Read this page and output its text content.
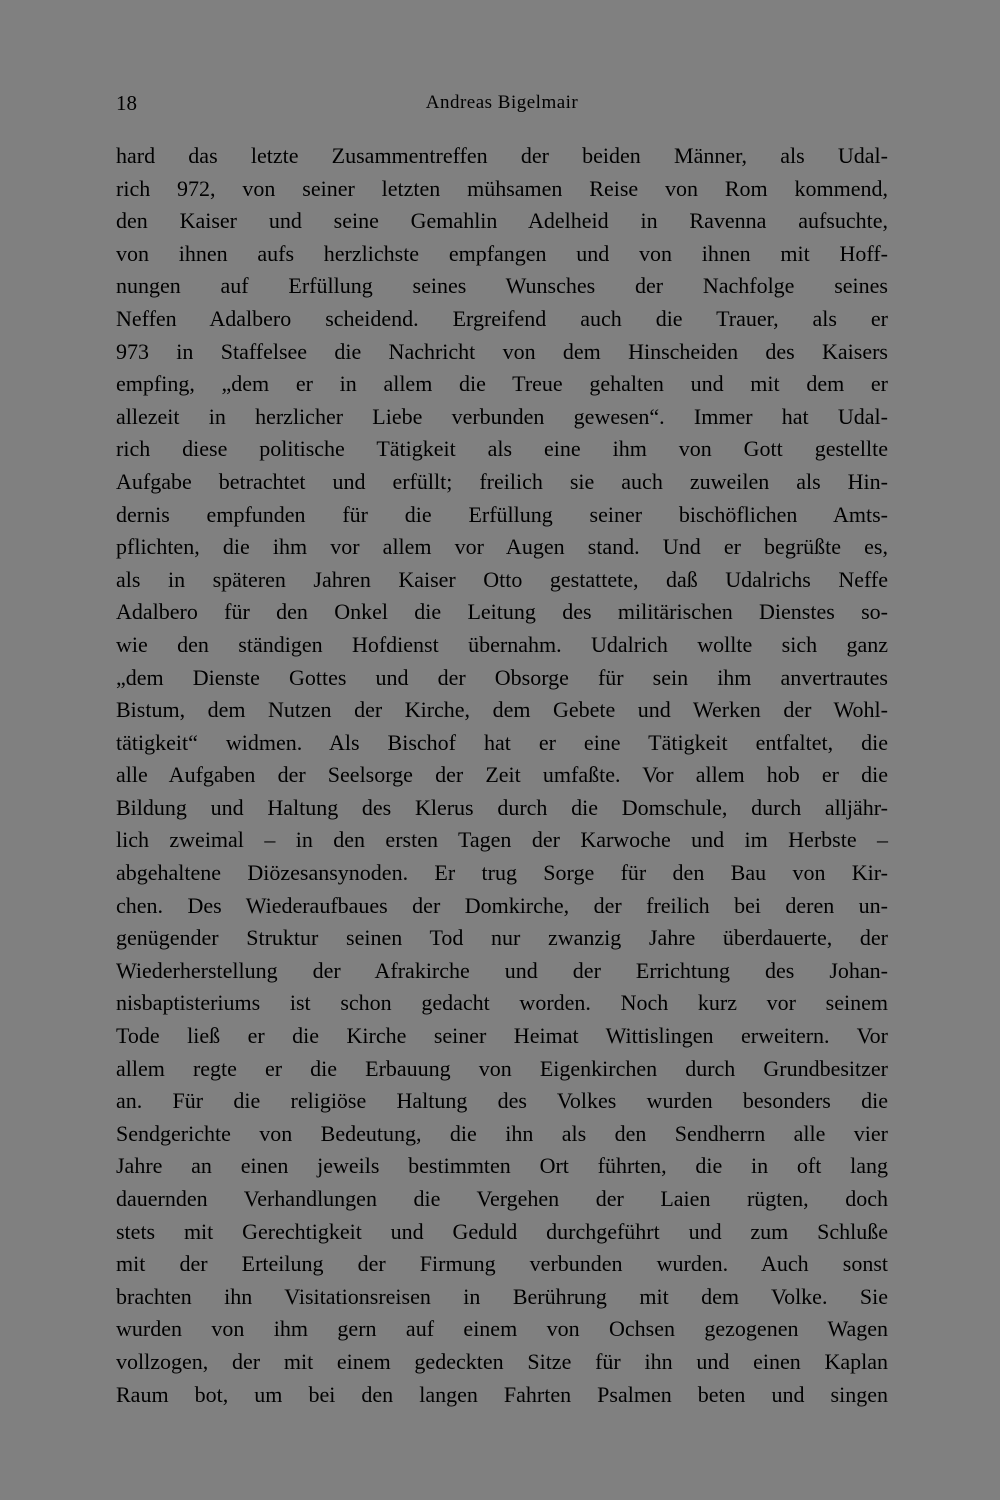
18	Andreas Bigelmair
hard das letzte Zusammentreffen der beiden Männer, als Udal-
rich 972, von seiner letzten mühsamen Reise von Rom kommend,
den Kaiser und seine Gemahlin Adelheid in Ravenna aufsuchte,
von ihnen aufs herzlichste empfangen und von ihnen mit Hoff-
nungen auf Erfüllung seines Wunsches der Nachfolge seines
Neffen Adalbero scheidend. Ergreifend auch die Trauer, als er
973 in Staffelsee die Nachricht von dem Hinscheiden des Kaisers
empfing, „dem er in allem die Treue gehalten und mit dem er
allezeit in herzlicher Liebe verbunden gewesen“. Immer hat Udal-
rich diese politische Tätigkeit als eine ihm von Gott gestellte
Aufgabe betrachtet und erfüllt; freilich sie auch zuweilen als Hin-
dernis empfunden für die Erfüllung seiner bischöflichen Amts-
pflichten, die ihm vor allem vor Augen stand. Und er begrüßte es,
als in späteren Jahren Kaiser Otto gestattete, daß Udalrichs Neffe
Adalbero für den Onkel die Leitung des militärischen Dienstes so-
wie den ständigen Hofdienst übernahm. Udalrich wollte sich ganz
„dem Dienste Gottes und der Obsorge für sein ihm anvertrautes
Bistum, dem Nutzen der Kirche, dem Gebete und Werken der Wohl-
tätigkeit“ widmen. Als Bischof hat er eine Tätigkeit entfaltet, die
alle Aufgaben der Seelsorge der Zeit umfaßte. Vor allem hob er die
Bildung und Haltung des Klerus durch die Domschule, durch alljähr-
lich zweimal – in den ersten Tagen der Karwoche und im Herbste –
abgehaltene Diözesansynoden. Er trug Sorge für den Bau von Kir-
chen. Des Wiederaufbaues der Domkirche, der freilich bei deren un-
genügender Struktur seinen Tod nur zwanzig Jahre überdauerte, der
Wiederherstellung der Afrakirche und der Errichtung des Johan-
nisbaptisteriums ist schon gedacht worden. Noch kurz vor seinem
Tode ließ er die Kirche seiner Heimat Wittislingen erweitern. Vor
allem regte er die Erbauung von Eigenkirchen durch Grundbesitzer
an. Für die religiöse Haltung des Volkes wurden besonders die
Sendgerichte von Bedeutung, die ihn als den Sendherrn alle vier
Jahre an einen jeweils bestimmten Ort führten, die in oft lang
dauernden Verhandlungen die Vergehen der Laien rügten, doch
stets mit Gerechtigkeit und Geduld durchgeführt und zum Schluße
mit der Erteilung der Firmung verbunden wurden. Auch sonst
brachten ihn Visitationsreisen in Berührung mit dem Volke. Sie
wurden von ihm gern auf einem von Ochsen gezogenen Wagen
vollzogen, der mit einem gedeckten Sitze für ihn und einen Kaplan
Raum bot, um bei den langen Fahrten Psalmen beten und singen
